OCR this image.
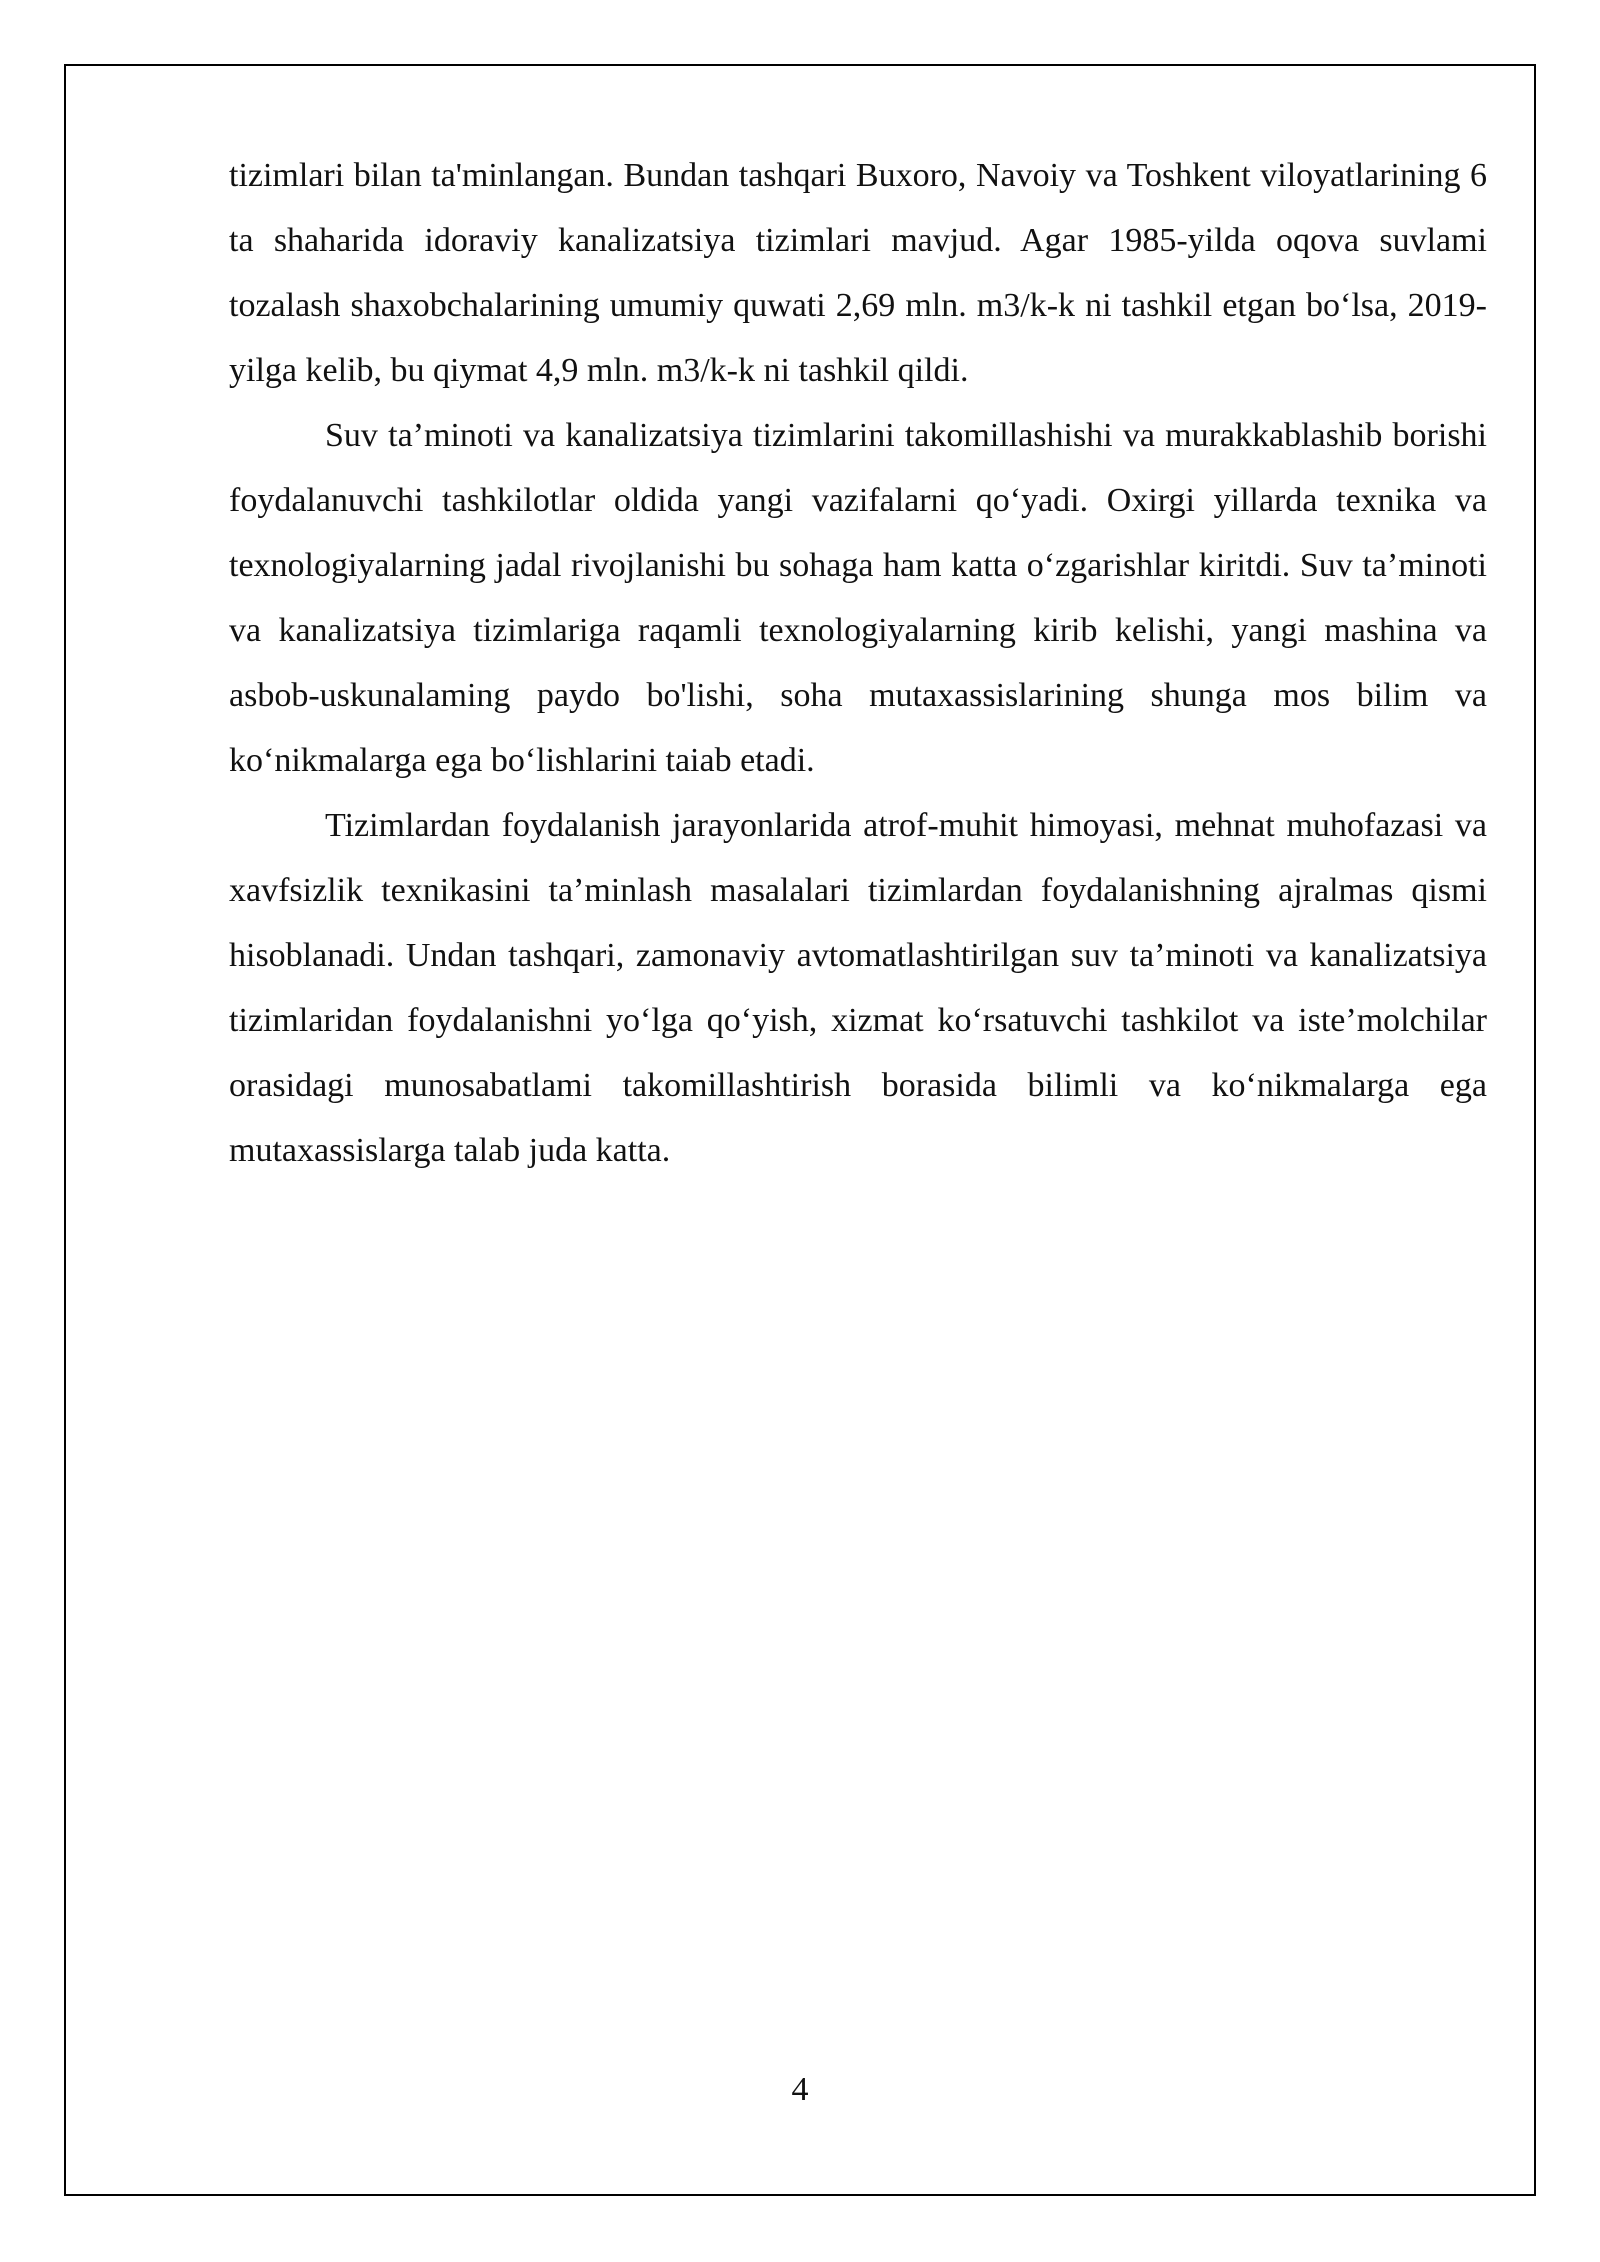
tizimlari bilan ta'minlangan. Bundan tashqari Buxoro, Navoiy va Toshkent viloyatlarining 6 ta shaharida idoraviy kanalizatsiya tizimlari mavjud. Agar 1985-yilda oqova suvlami tozalash shaxobchalarining umumiy quwati 2,69 mln. m3/k-k ni tashkil etgan bo‘lsa, 2019-yilga kelib, bu qiymat 4,9 mln. m3/k-k ni tashkil qildi.

Suv ta’minoti va kanalizatsiya tizimlarini takomillashishi va murakkablashib borishi foydalanuvchi tashkilotlar oldida yangi vazifalarni qo‘yadi. Oxirgi yillarda texnika va texnologiyalarning jadal rivojlanishi bu sohaga ham katta o‘zgarishlar kiritdi. Suv ta’minoti va kanalizatsiya tizimlariga raqamli texnologiyalarning kirib kelishi, yangi mashina va asbob-uskunalaming paydo bo'lishi, soha mutaxassislarining shunga mos bilim va ko‘nikmalarga ega bo‘lishlarini taiab etadi.

Tizimlardan foydalanish jarayonlarida atrof-muhit himoyasi, mehnat muhofazasi va xavfsizlik texnikasini ta’minlash masalalari tizimlardan foydalanishning ajralmas qismi hisoblanadi. Undan tashqari, zamonaviy avtomatlashtirilgan suv ta’minoti va kanalizatsiya tizimlaridan foydalanishni yo‘lga qo‘yish, xizmat ko‘rsatuvchi tashkilot va iste’molchilar orasidagi munosabatlami takomillashtirish borasida bilimli va ko‘nikmalarga ega mutaxassislarga talab juda katta.

4
